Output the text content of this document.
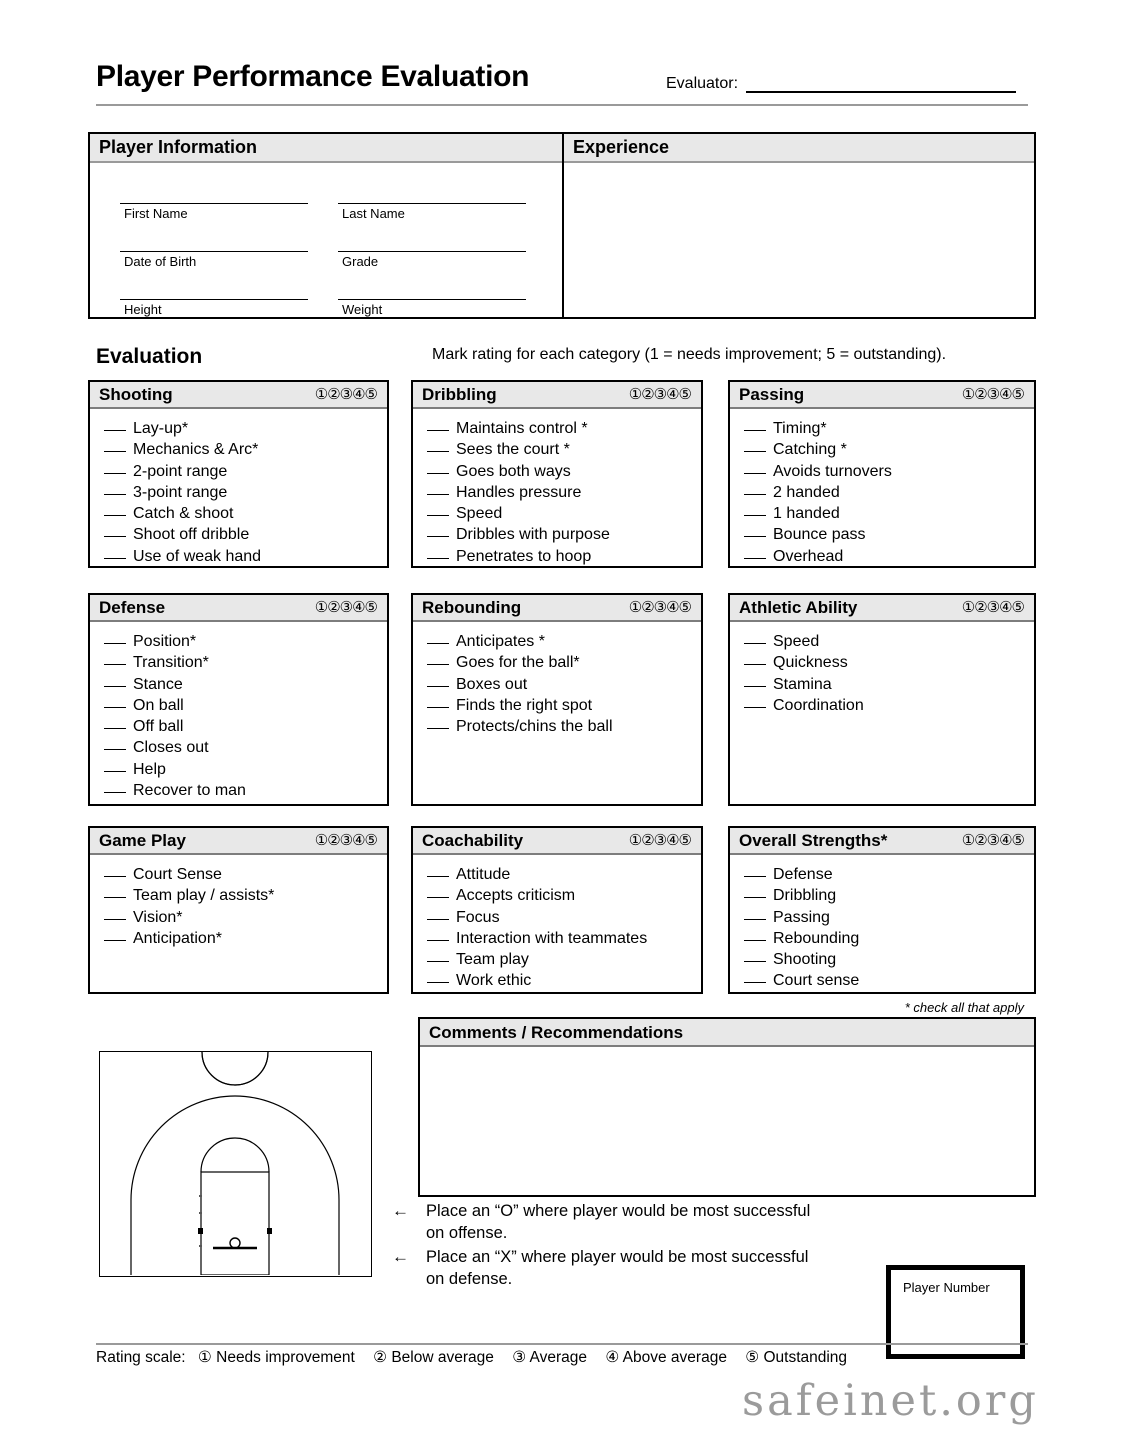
Player Performance Evaluation	Evaluator:
Player Information
First Name	Last Name
Date of Birth	Grade
Height	Weight
Experience
Evaluation	Mark rating for each category (1 = needs improvement; 5 = outstanding).
Shooting	①②③④⑤
Lay-up*
Mechanics & Arc*
2-point range
3-point range
Catch & shoot
Shoot off dribble
Use of weak hand
Dribbling	①②③④⑤
Maintains control *
Sees the court *
Goes both ways
Handles pressure
Speed
Dribbles with purpose
Penetrates to hoop
Passing	①②③④⑤
Timing*
Catching *
Avoids turnovers
2 handed
1 handed
Bounce pass
Overhead
Defense	①②③④⑤
Position*
Transition*
Stance
On ball
Off ball
Closes out
Help
Recover to man
Rebounding	①②③④⑤
Anticipates *
Goes for the ball*
Boxes out
Finds the right spot
Protects/chins the ball
Athletic Ability	①②③④⑤
Speed
Quickness
Stamina
Coordination
Game Play	①②③④⑤
Court Sense
Team play / assists*
Vision*
Anticipation*
Coachability	①②③④⑤
Attitude
Accepts criticism
Focus
Interaction with teammates
Team play
Work ethic
Overall Strengths*	①②③④⑤
Defense
Dribbling
Passing
Rebounding
Shooting
Court sense
* check all that apply
Comments / Recommendations
←	Place an “O” where player would be most successful
on offense.
←	Place an “X” where player would be most successful
on defense.	Player Number
Rating scale: ① Needs improvement ② Below average ③ Average ④ Above average ⑤ Outstanding
safeinet.org
